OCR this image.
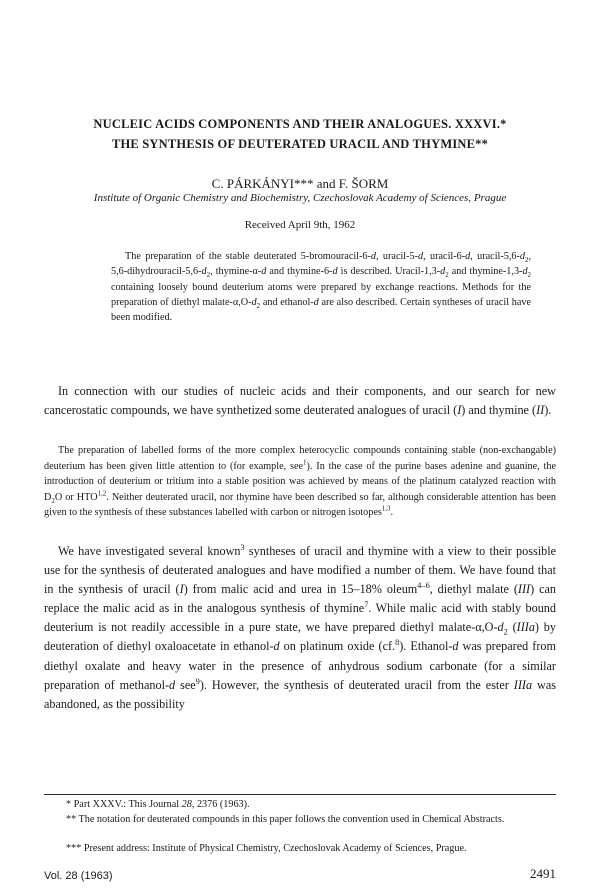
NUCLEIC ACIDS COMPONENTS AND THEIR ANALOGUES. XXXVI.*
THE SYNTHESIS OF DEUTERATED URACIL AND THYMINE**
C. PÁRKÁNYI*** and F. ŠORM
Institute of Organic Chemistry and Biochemistry, Czechoslovak Academy of Sciences, Prague
Received April 9th, 1962

The preparation of the stable deuterated 5-bromouracil-6-d, uracil-5-d, uracil-6-d, uracil-$5,6-d_2$, $5,6-dihydrouracil-5,6-d_2$, thymine-α-d and thymine-6-d is described. Uracil-$1,3-d_2$ and thymine-$1,3-d_2$ containing loosely bound deuterium atoms were prepared by exchange reactions. Methods for the preparation of diethyl malate-$\alpha,O-d_2$ and ethanol-d are also described. Certain syntheses of uracil have been modified.

In connection with our studies of nucleic acids and their components, and our search for new cancerostatic compounds, we have synthetized some deuterated analogues of uracil (I) and thymine (II).

The preparation of labelled forms of the more complex heterocyclic compounds containing stable (non-exchangable) deuterium has been given little attention to (for example, see$^1$). In the case of the purine bases adenine and guanine, the introduction of deuterium or tritium into a stable position was achieved by means of the platinum catalyzed reaction with $D_2O$ or HTO$^{1,2}$. Neither deuterated uracil, nor thymine have been described so far, although considerable attention has been given to the synthesis of these substances labelled with carbon or nitrogen isotopes$^{1,3}$.

We have investigated several known$^3$ syntheses of uracil and thymine with a view to their possible use for the synthesis of deuterated analogues and have modified a number of them. We have found that in the synthesis of uracil (I) from malic acid and urea in 15–18% oleum$^{4-6}$, diethyl malate (III) can replace the malic acid as in the analogous synthesis of thymine$^7$. While malic acid with stably bound deuterium is not readily accessible in a pure state, we have prepared diethyl malate-$\alpha,O-d_2$ (IIIa) by deuteration of diethyl oxaloacetate in ethanol-d on platinum oxide (cf.$^8$). Ethanol-d was prepared from diethyl oxalate and heavy water in the presence of anhydrous sodium carbonate (for a similar preparation of methanol-d see$^9$). However, the synthesis of deuterated uracil from the ester IIIa was abandoned, as the possibility

* Part XXXV.: This Journal 28, 2376 (1963).

** The notation for deuterated compounds in this paper follows the convention used in Chemical Abstracts.

*** Present address: Institute of Physical Chemistry, Czechoslovak Academy of Sciences, Prague.

Vol. 28 (1963)	2491
